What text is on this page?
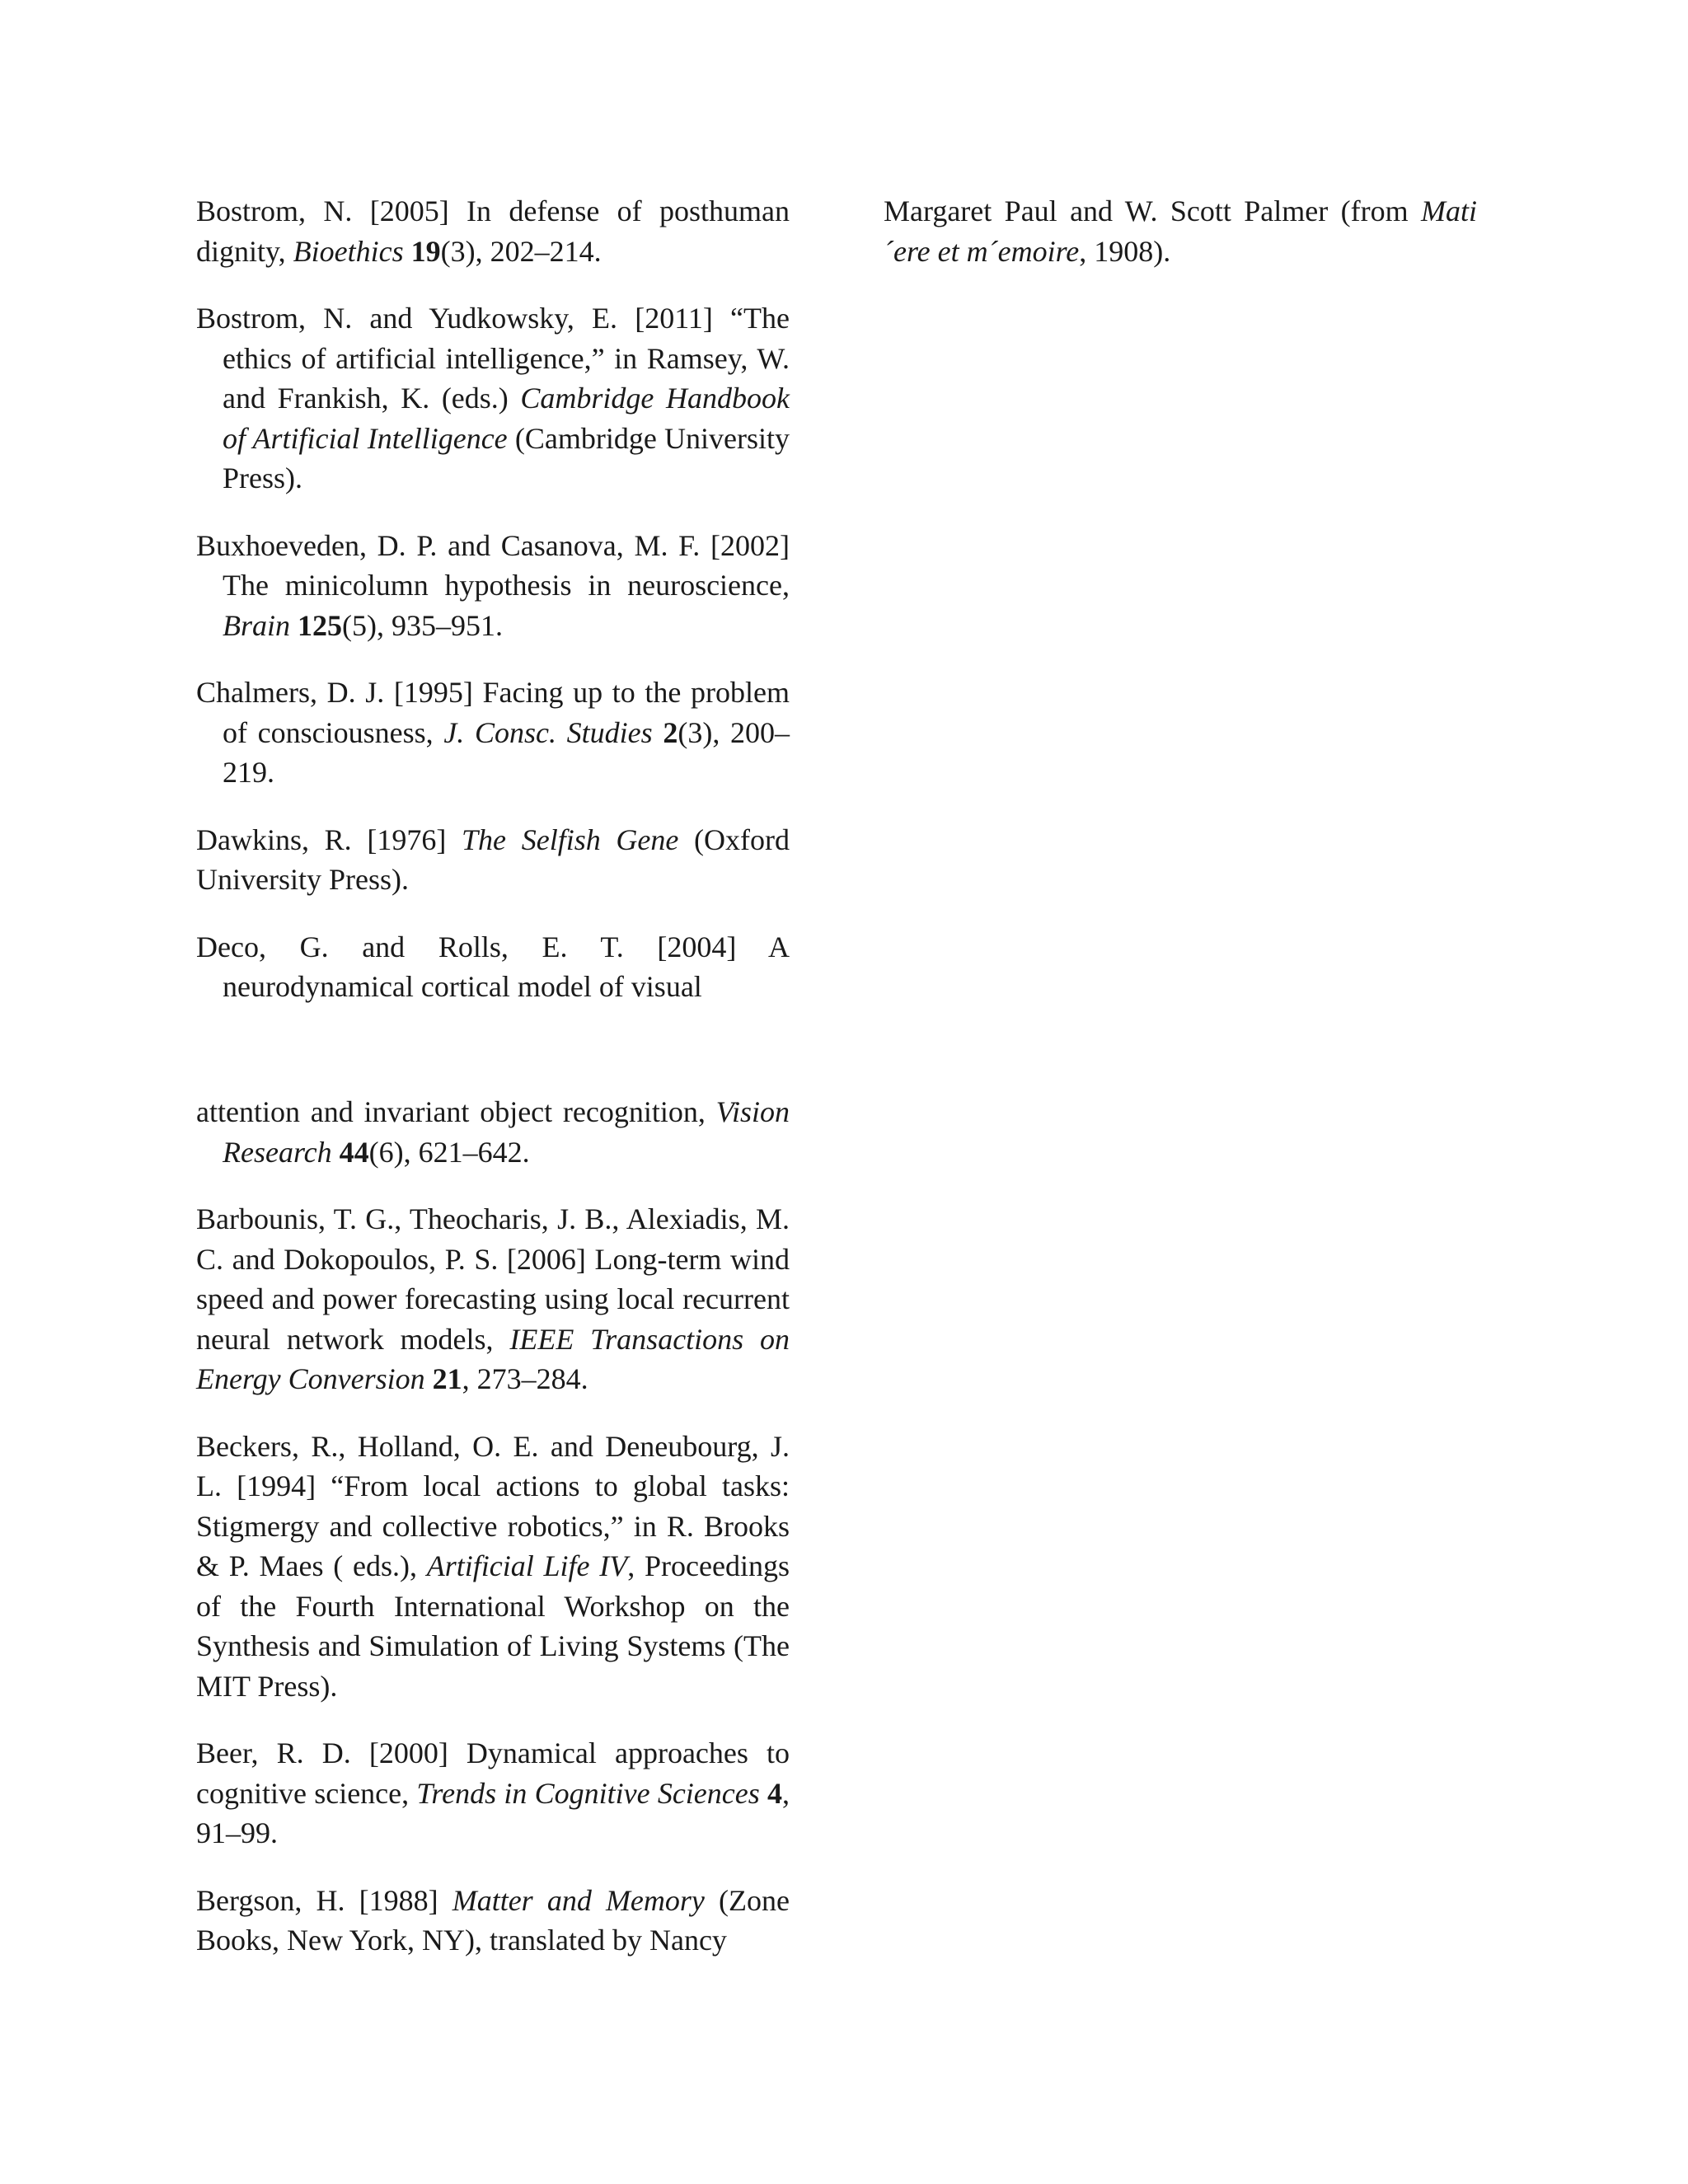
Bostrom, N. [2005] In defense of posthuman dignity, Bioethics 19(3), 202–214.

Bostrom, N. and Yudkowsky, E. [2011] “The ethics of artificial intelligence,” in Ramsey, W. and Frankish, K. (eds.) Cambridge Handbook of Artificial Intelligence (Cambridge University Press).

Buxhoeveden, D. P. and Casanova, M. F. [2002] The minicolumn hypothesis in neuroscience, Brain 125(5), 935–951.

Chalmers, D. J. [1995] Facing up to the problem of consciousness, J. Consc. Studies 2(3), 200–219.

Dawkins, R. [1976] The Selfish Gene (Oxford University Press).

Deco, G. and Rolls, E. T. [2004] A neurodynamical cortical model of visual

attention and invariant object recognition, Vision Research 44(6), 621–642.

Barbounis, T. G., Theocharis, J. B., Alexiadis, M. C. and Dokopoulos, P. S. [2006] Long-term wind speed and power forecasting using local recurrent neural network models, IEEE Transactions on Energy Conversion 21, 273–284.

Beckers, R., Holland, O. E. and Deneubourg, J. L. [1994] “From local actions to global tasks: Stigmergy and collective robotics,” in R. Brooks & P. Maes ( eds.), Artificial Life IV, Proceedings of the Fourth International Workshop on the Synthesis and Simulation of Living Systems (The MIT Press).

Beer, R. D. [2000] Dynamical approaches to cognitive science, Trends in Cognitive Sciences 4, 91–99.

Bergson, H. [1988] Matter and Memory (Zone Books, New York, NY), translated by Nancy

Margaret Paul and W. Scott Palmer (from Mati´ere et m´emoire, 1908).
